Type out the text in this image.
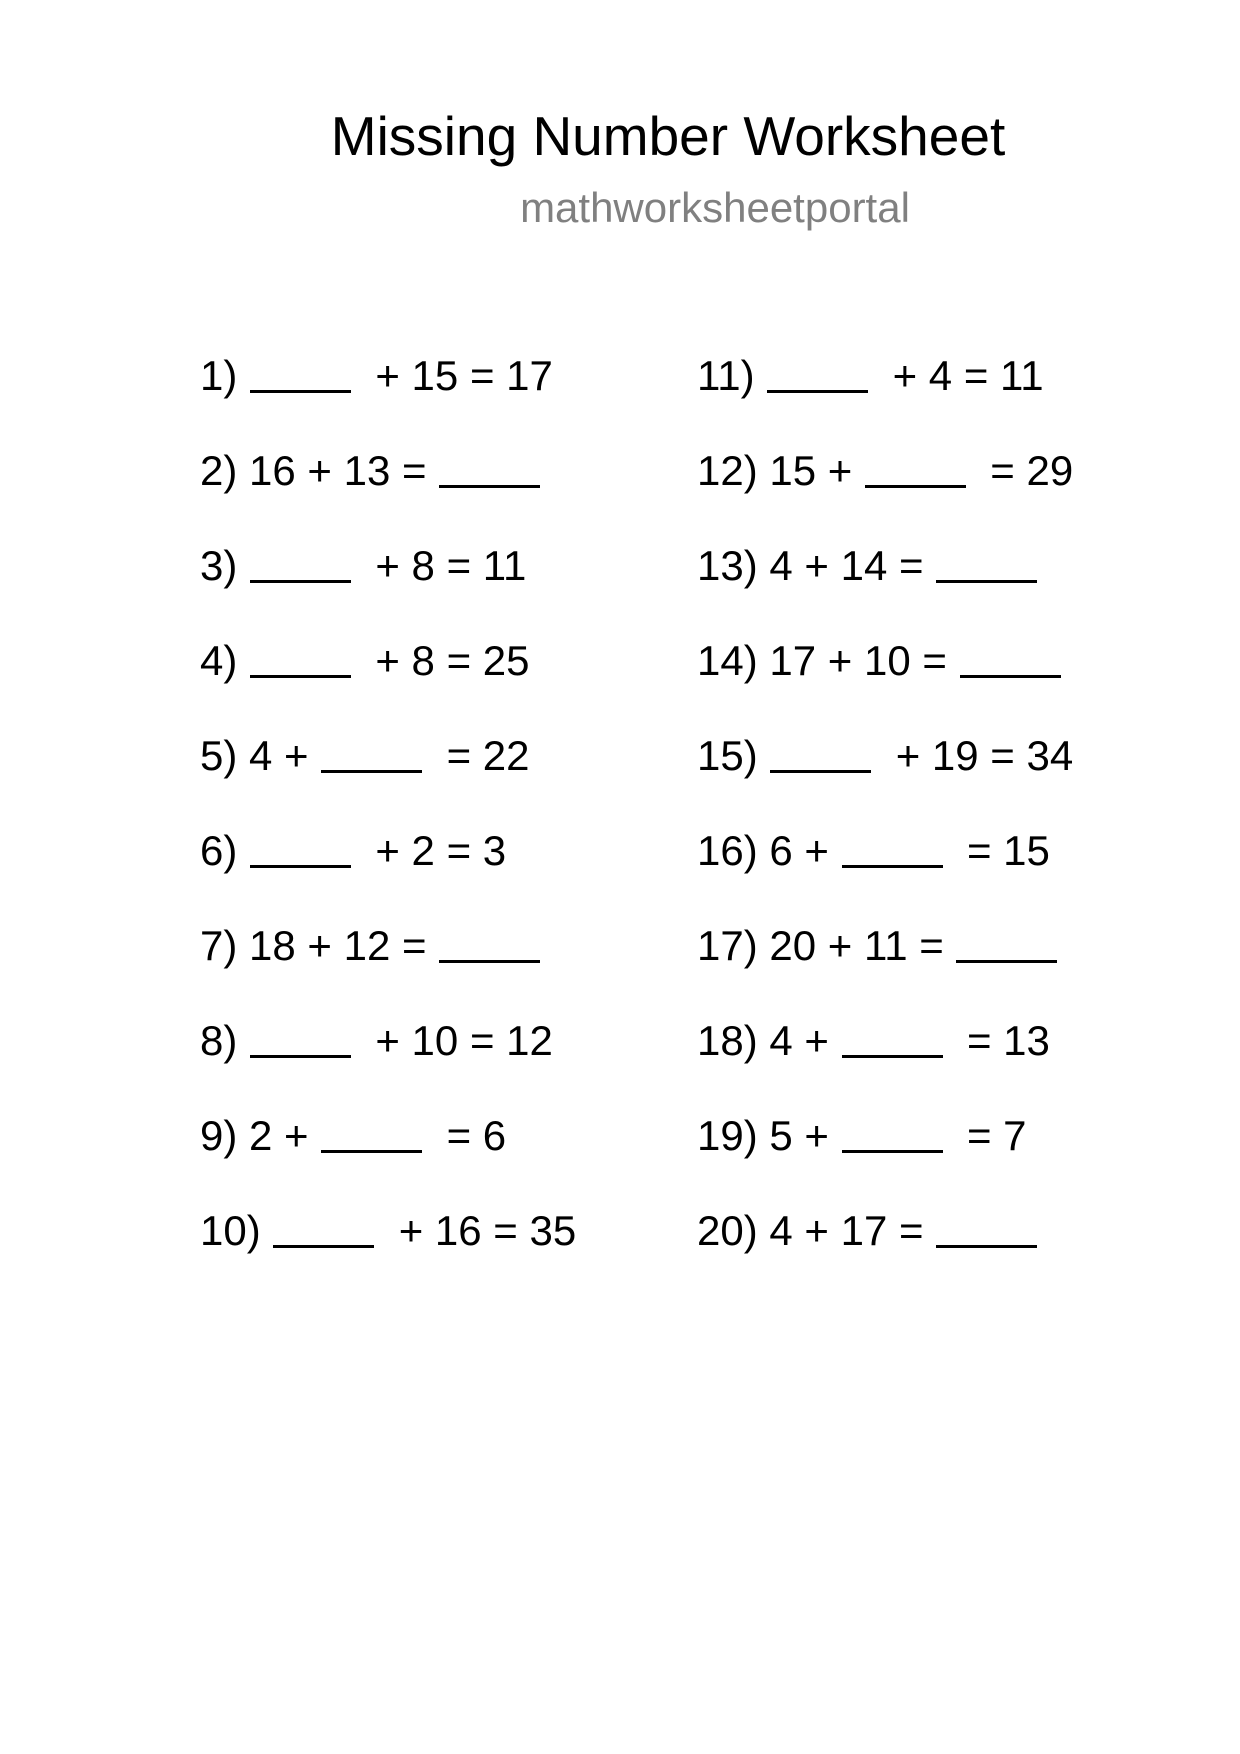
Missing Number Worksheet
mathworksheetportal
1)	+ 15 = 17
2) 16 + 13 =
3)	+ 8 = 11
4)	+ 8 = 25
5) 4 +	= 22
6)	+ 2 = 3
7) 18 + 12 =
8)	+ 10 = 12
9) 2 +	= 6
10)	+ 16 = 35
11)	+ 4 = 11
12) 15 +	= 29
13) 4 + 14 =
14) 17 + 10 =
15)	+ 19 = 34
16) 6 +	= 15
17) 20 + 11 =
18) 4 +	= 13
19) 5 +	= 7
20) 4 + 17 =
